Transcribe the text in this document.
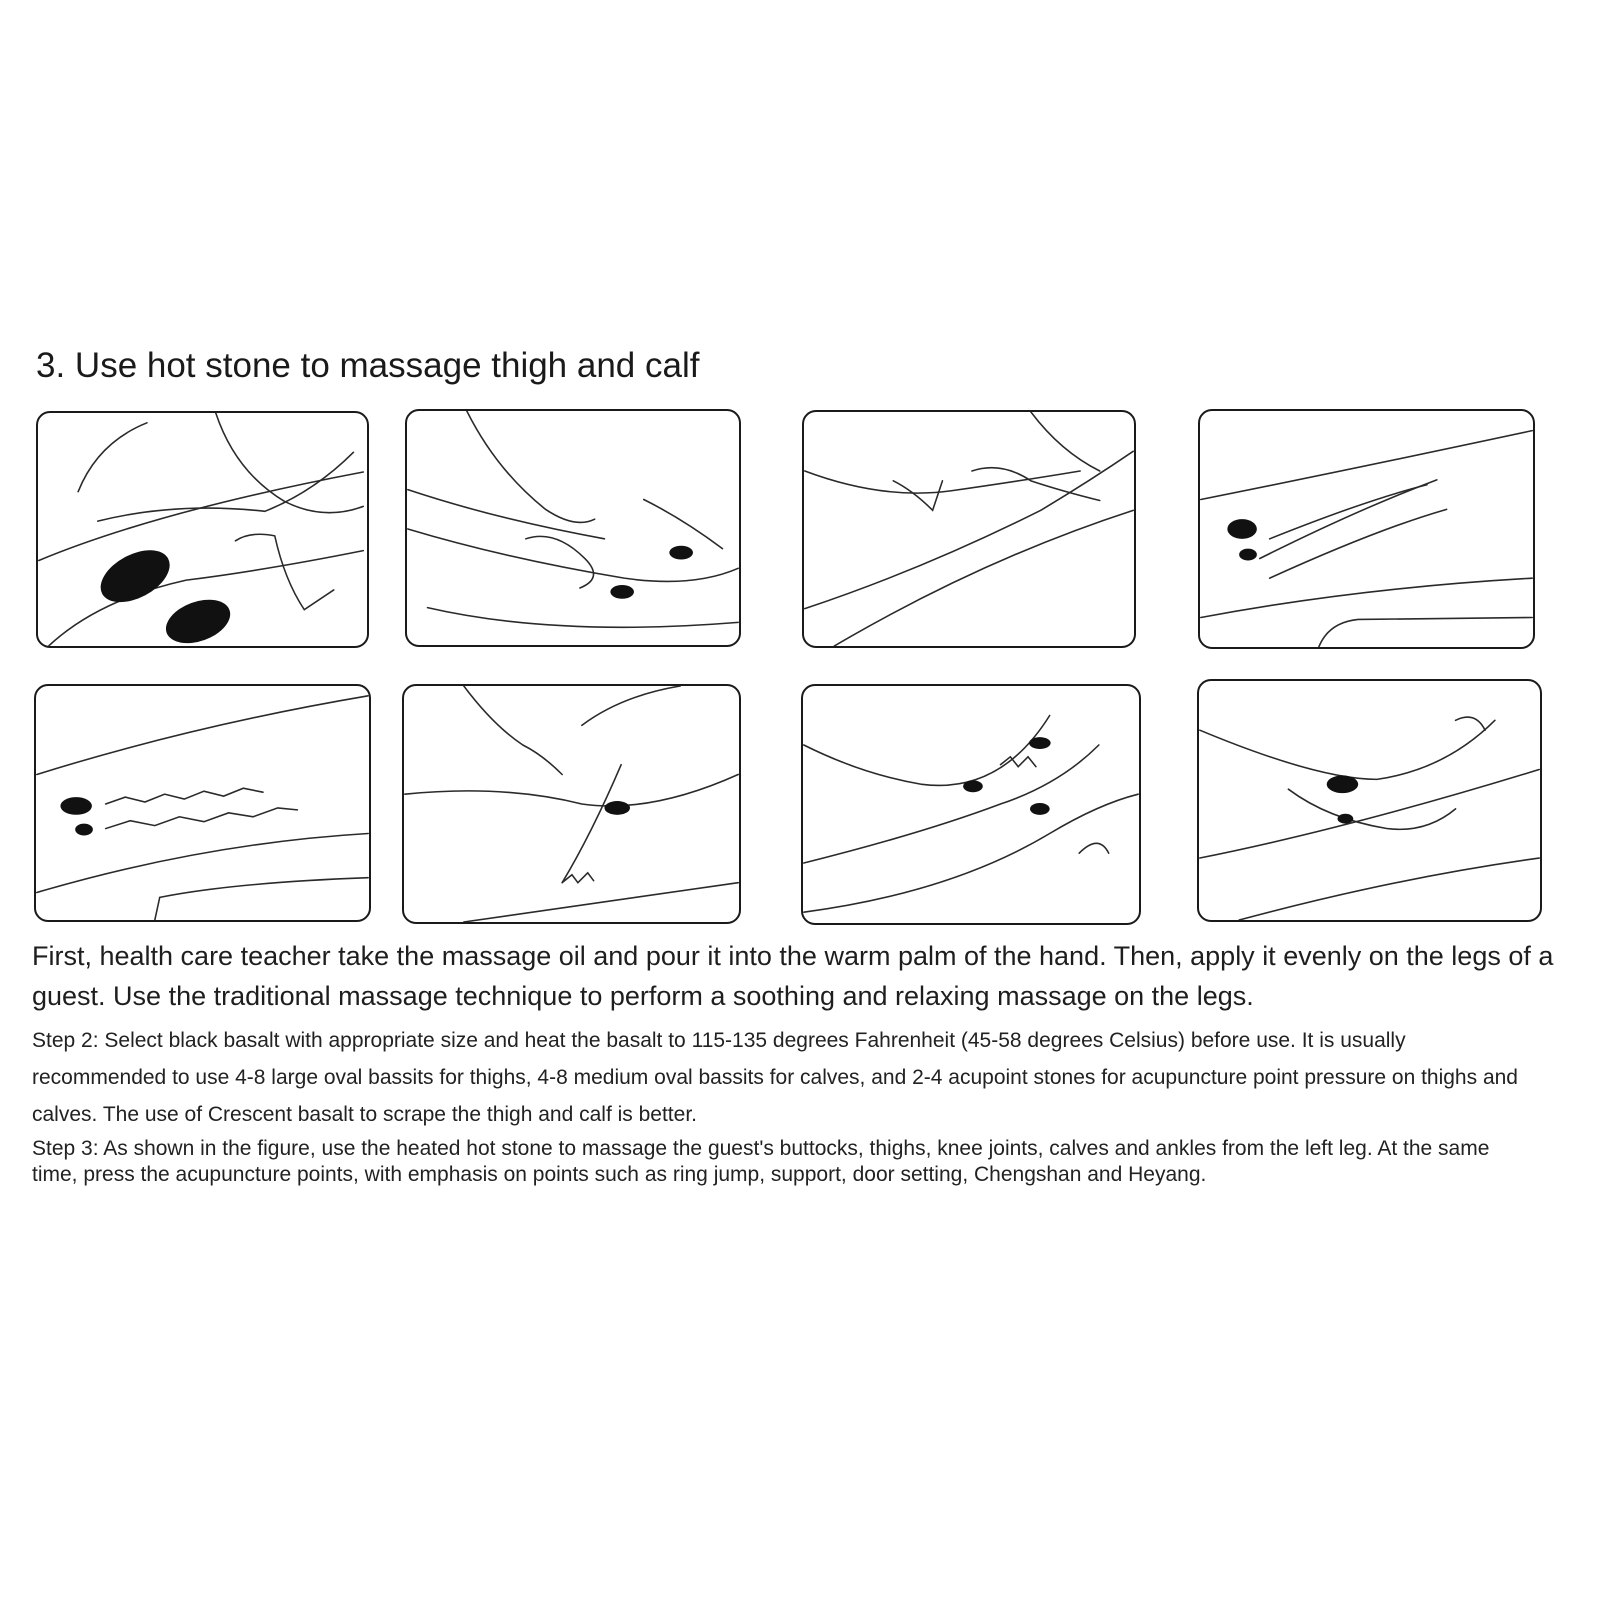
3. Use hot stone to massage thigh and calf
First, health care teacher take the massage oil and pour it into the warm palm of the hand. Then, apply it evenly on the legs of a guest. Use the traditional massage technique to perform a soothing and relaxing massage on the legs.
Step 2: Select black basalt with appropriate size and heat the basalt to 115-135 degrees Fahrenheit (45-58 degrees Celsius) before use. It is usually recommended to use 4-8 large oval bassits for thighs, 4-8 medium oval bassits for calves, and 2-4 acupoint stones for acupuncture point pressure on thighs and calves. The use of Crescent basalt to scrape the thigh and calf is better.
Step 3: As shown in the figure, use the heated hot stone to massage the guest's buttocks, thighs, knee joints, calves and ankles from the left leg. At the same time, press the acupuncture points, with emphasis on points such as ring jump, support, door setting, Chengshan and Heyang.
